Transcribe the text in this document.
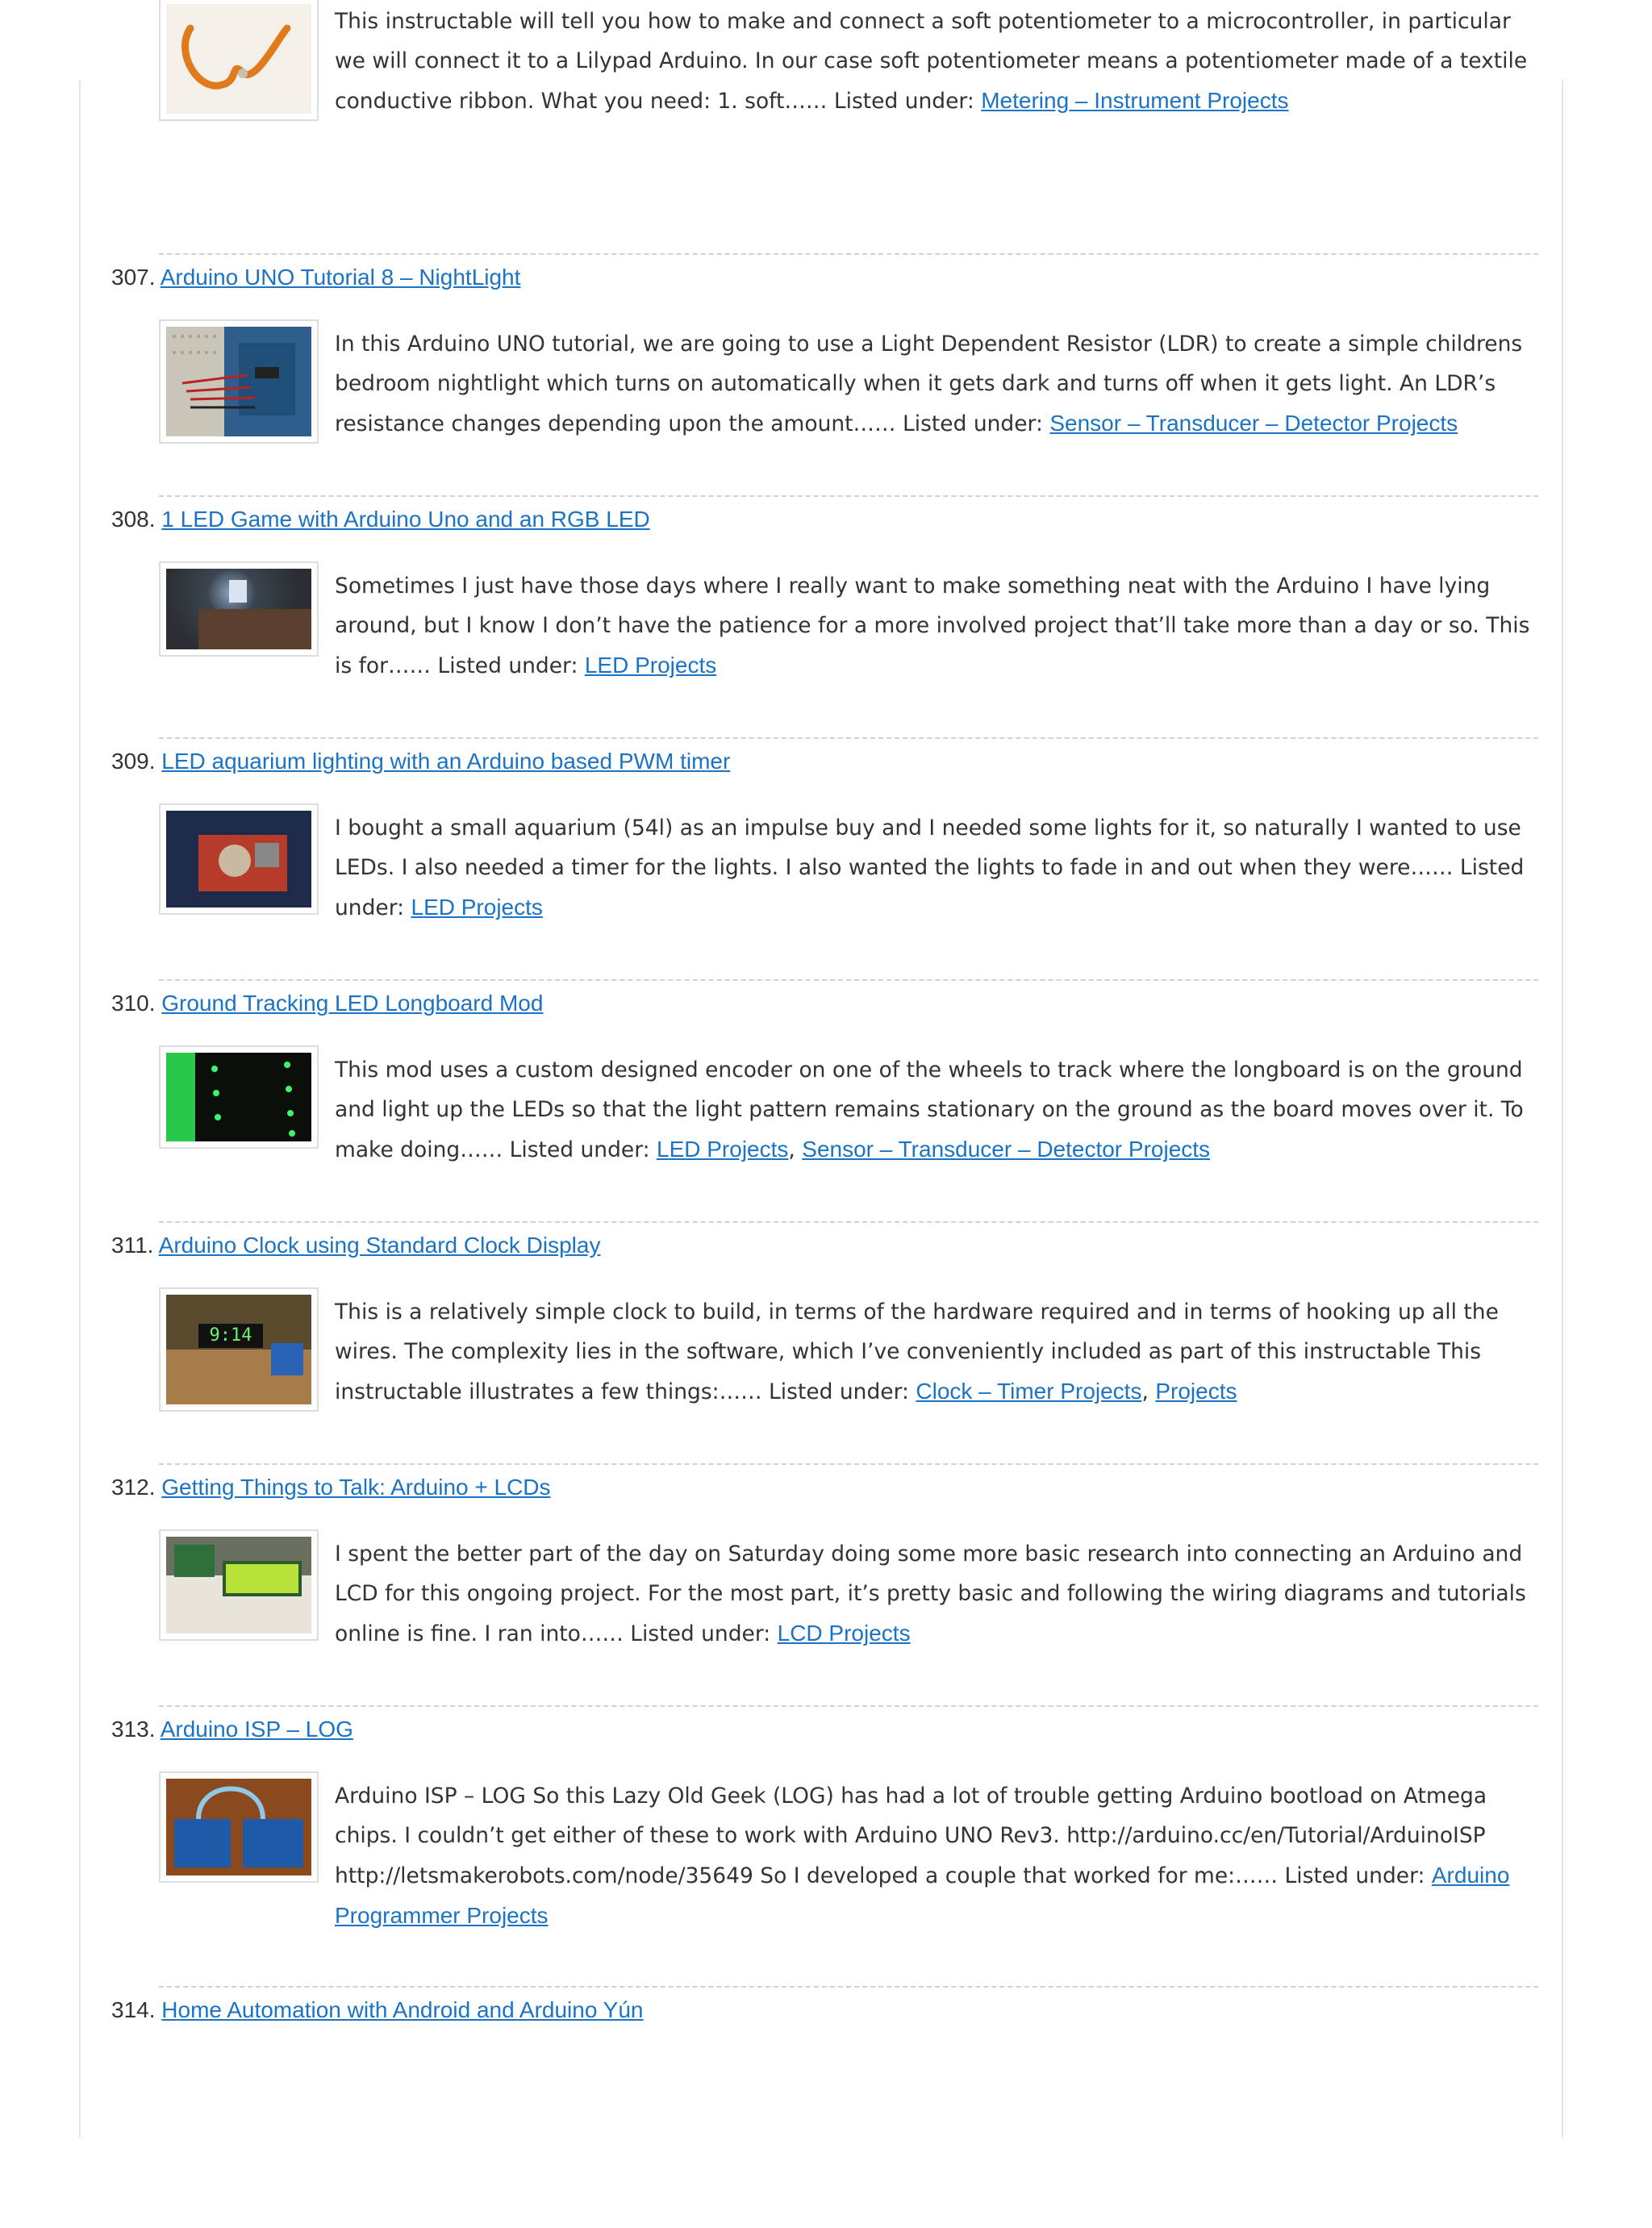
This instructable will tell you how to make and connect a soft potentiometer to a microcontroller, in particular we will connect it to a Lilypad Arduino. In our case soft potentiometer means a potentiometer made of a textile conductive ribbon. What you need: 1. soft…… Listed under: Metering – Instrument Projects
307. Arduino UNO Tutorial 8 – NightLight
In this Arduino UNO tutorial, we are going to use a Light Dependent Resistor (LDR) to create a simple childrens bedroom nightlight which turns on automatically when it gets dark and turns off when it gets light. An LDR’s resistance changes depending upon the amount…… Listed under: Sensor – Transducer – Detector Projects
308. 1 LED Game with Arduino Uno and an RGB LED
Sometimes I just have those days where I really want to make something neat with the Arduino I have lying around, but I know I don’t have the patience for a more involved project that’ll take more than a day or so. This is for…… Listed under: LED Projects
309. LED aquarium lighting with an Arduino based PWM timer
I bought a small aquarium (54l) as an impulse buy and I needed some lights for it, so naturally I wanted to use LEDs. I also needed a timer for the lights. I also wanted the lights to fade in and out when they were…… Listed under: LED Projects
310. Ground Tracking LED Longboard Mod
This mod uses a custom designed encoder on one of the wheels to track where the longboard is on the ground and light up the LEDs so that the light pattern remains stationary on the ground as the board moves over it. To make doing…… Listed under: LED Projects, Sensor – Transducer – Detector Projects
311. Arduino Clock using Standard Clock Display
9:14
This is a relatively simple clock to build, in terms of the hardware required and in terms of hooking up all the wires. The complexity lies in the software, which I’ve conveniently included as part of this instructable This instructable illustrates a few things:…… Listed under: Clock – Timer Projects, Projects
312. Getting Things to Talk: Arduino + LCDs
I spent the better part of the day on Saturday doing some more basic research into connecting an Arduino and LCD for this ongoing project. For the most part, it’s pretty basic and following the wiring diagrams and tutorials online is fine. I ran into…… Listed under: LCD Projects
313. Arduino ISP – LOG
Arduino ISP – LOG So this Lazy Old Geek (LOG) has had a lot of trouble getting Arduino bootload on Atmega chips. I couldn’t get either of these to work with Arduino UNO Rev3. http://arduino.cc/en/Tutorial/ArduinoISP http://letsmakerobots.com/node/35649 So I developed a couple that worked for me:…… Listed under: Arduino Programmer Projects
314. Home Automation with Android and Arduino Yún
